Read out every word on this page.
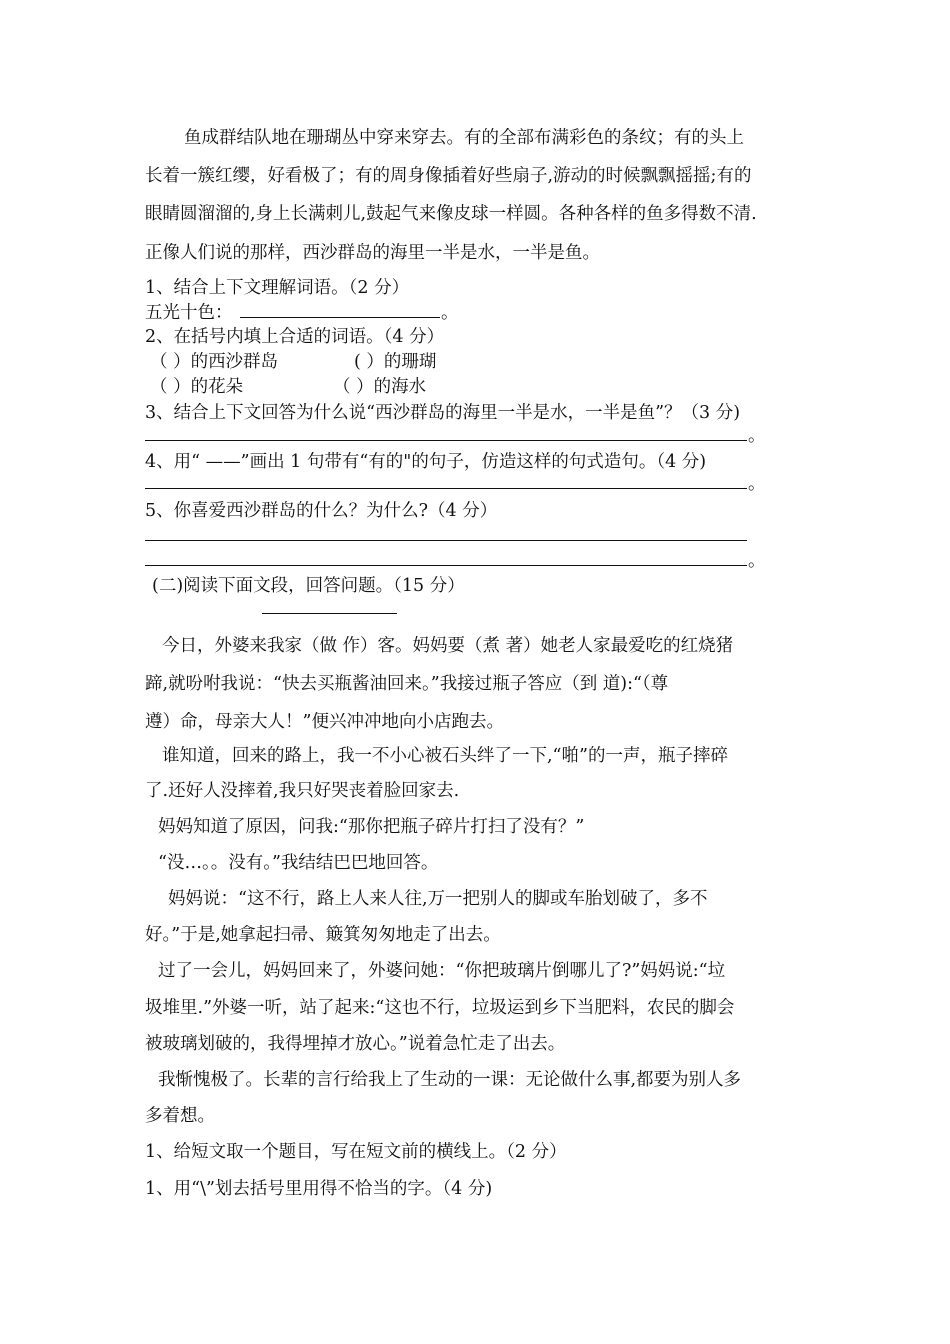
鱼成群结队地在珊瑚丛中穿来穿去。有的全部布满彩色的条纹；有的头上
长着一簇红缨，好看极了；有的周身像插着好些扇子,游动的时候飘飘摇摇;有的
眼睛圆溜溜的,身上长满刺儿,鼓起气来像皮球一样圆。各种各样的鱼多得数不清.
正像人们说的那样，西沙群岛的海里一半是水，一半是鱼。
1、结合上下文理解词语。（2 分）
五光十色：	。
2、在括号内填上合适的词语。（4 分）
（ ）的西沙群岛	( ）的珊瑚
（ ）的花朵	（ ）的海水
3、结合上下文回答为什么说“西沙群岛的海里一半是水，一半是鱼”？（3 分)
。
4、用“ ——”画出 1 句带有“有的"的句子，仿造这样的句式造句。（4 分)
。
5、你喜爱西沙群岛的什么？为什么?（4 分）
。
(二)阅读下面文段，回答问题。（15 分）
今日，外婆来我家（做 作）客。妈妈要（煮 著）她老人家最爱吃的红烧猪
蹄,就吩咐我说：“快去买瓶酱油回来。”我接过瓶子答应（到 道):“（尊
遵）命，母亲大人！”便兴冲冲地向小店跑去。
谁知道，回来的路上，我一不小心被石头绊了一下,“啪”的一声，瓶子摔碎
了.还好人没摔着,我只好哭丧着脸回家去.
妈妈知道了原因，问我:“那你把瓶子碎片打扫了没有？”
“没…。。没有。”我结结巴巴地回答。
妈妈说：“这不行，路上人来人往,万一把别人的脚或车胎划破了，多不
好。”于是,她拿起扫帚、簸箕匆匆地走了出去。
过了一会儿，妈妈回来了，外婆问她：“你把玻璃片倒哪儿了?”妈妈说:“垃
圾堆里.”外婆一听，站了起来:“这也不行，垃圾运到乡下当肥料，农民的脚会
被玻璃划破的，我得埋掉才放心。”说着急忙走了出去。
我惭愧极了。长辈的言行给我上了生动的一课：无论做什么事,都要为别人多
多着想。
1、给短文取一个题目，写在短文前的横线上。（2 分）
1、用“\”划去括号里用得不恰当的字。（4 分)
